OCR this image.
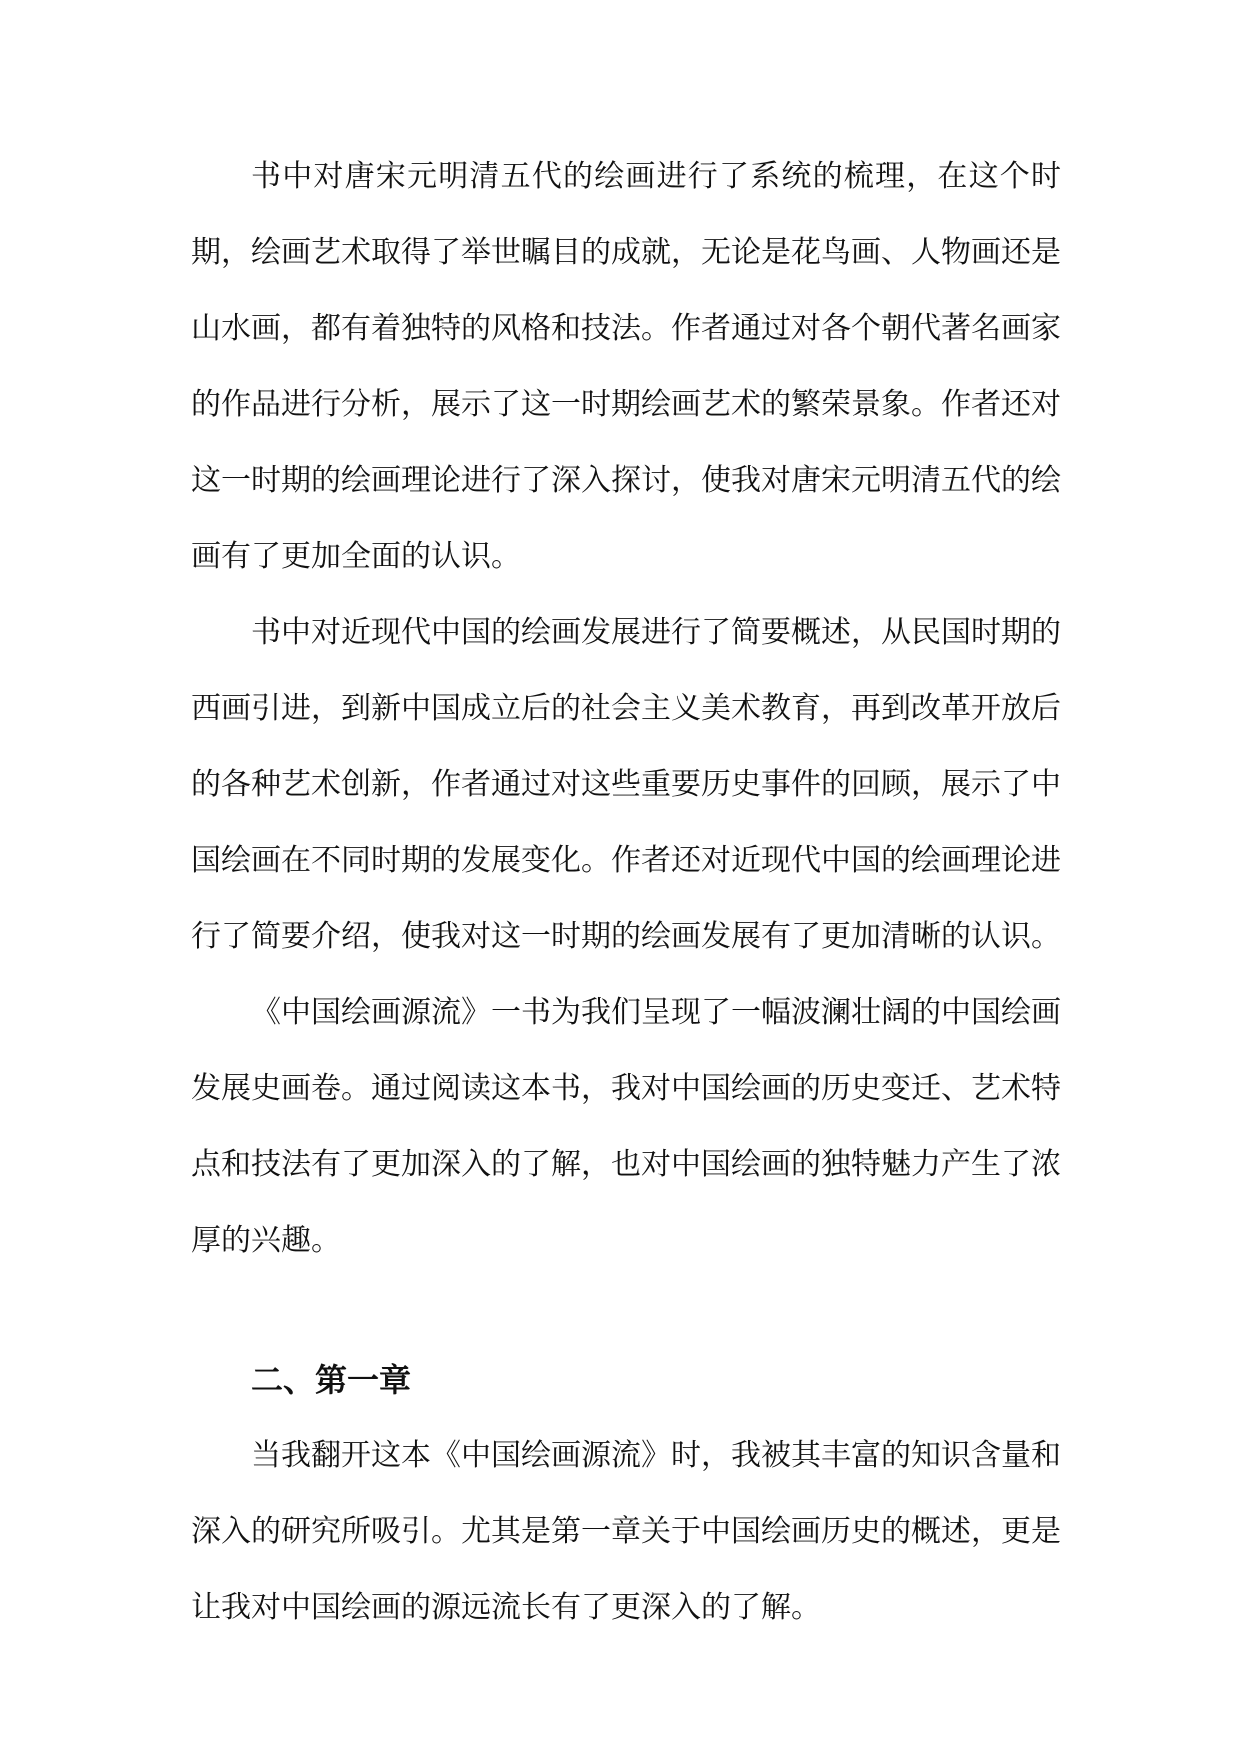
书中对唐宋元明清五代的绘画进行了系统的梳理，在这个时期，绘画艺术取得了举世瞩目的成就，无论是花鸟画、人物画还是山水画，都有着独特的风格和技法。作者通过对各个朝代著名画家的作品进行分析，展示了这一时期绘画艺术的繁荣景象。作者还对这一时期的绘画理论进行了深入探讨，使我对唐宋元明清五代的绘画有了更加全面的认识。

书中对近现代中国的绘画发展进行了简要概述，从民国时期的西画引进，到新中国成立后的社会主义美术教育，再到改革开放后的各种艺术创新，作者通过对这些重要历史事件的回顾，展示了中国绘画在不同时期的发展变化。作者还对近现代中国的绘画理论进行了简要介绍，使我对这一时期的绘画发展有了更加清晰的认识。

《中国绘画源流》一书为我们呈现了一幅波澜壮阔的中国绘画发展史画卷。通过阅读这本书，我对中国绘画的历史变迁、艺术特点和技法有了更加深入的了解，也对中国绘画的独特魅力产生了浓厚的兴趣。

二、第一章

当我翻开这本《中国绘画源流》时，我被其丰富的知识含量和深入的研究所吸引。尤其是第一章关于中国绘画历史的概述，更是让我对中国绘画的源远流长有了更深入的了解。
